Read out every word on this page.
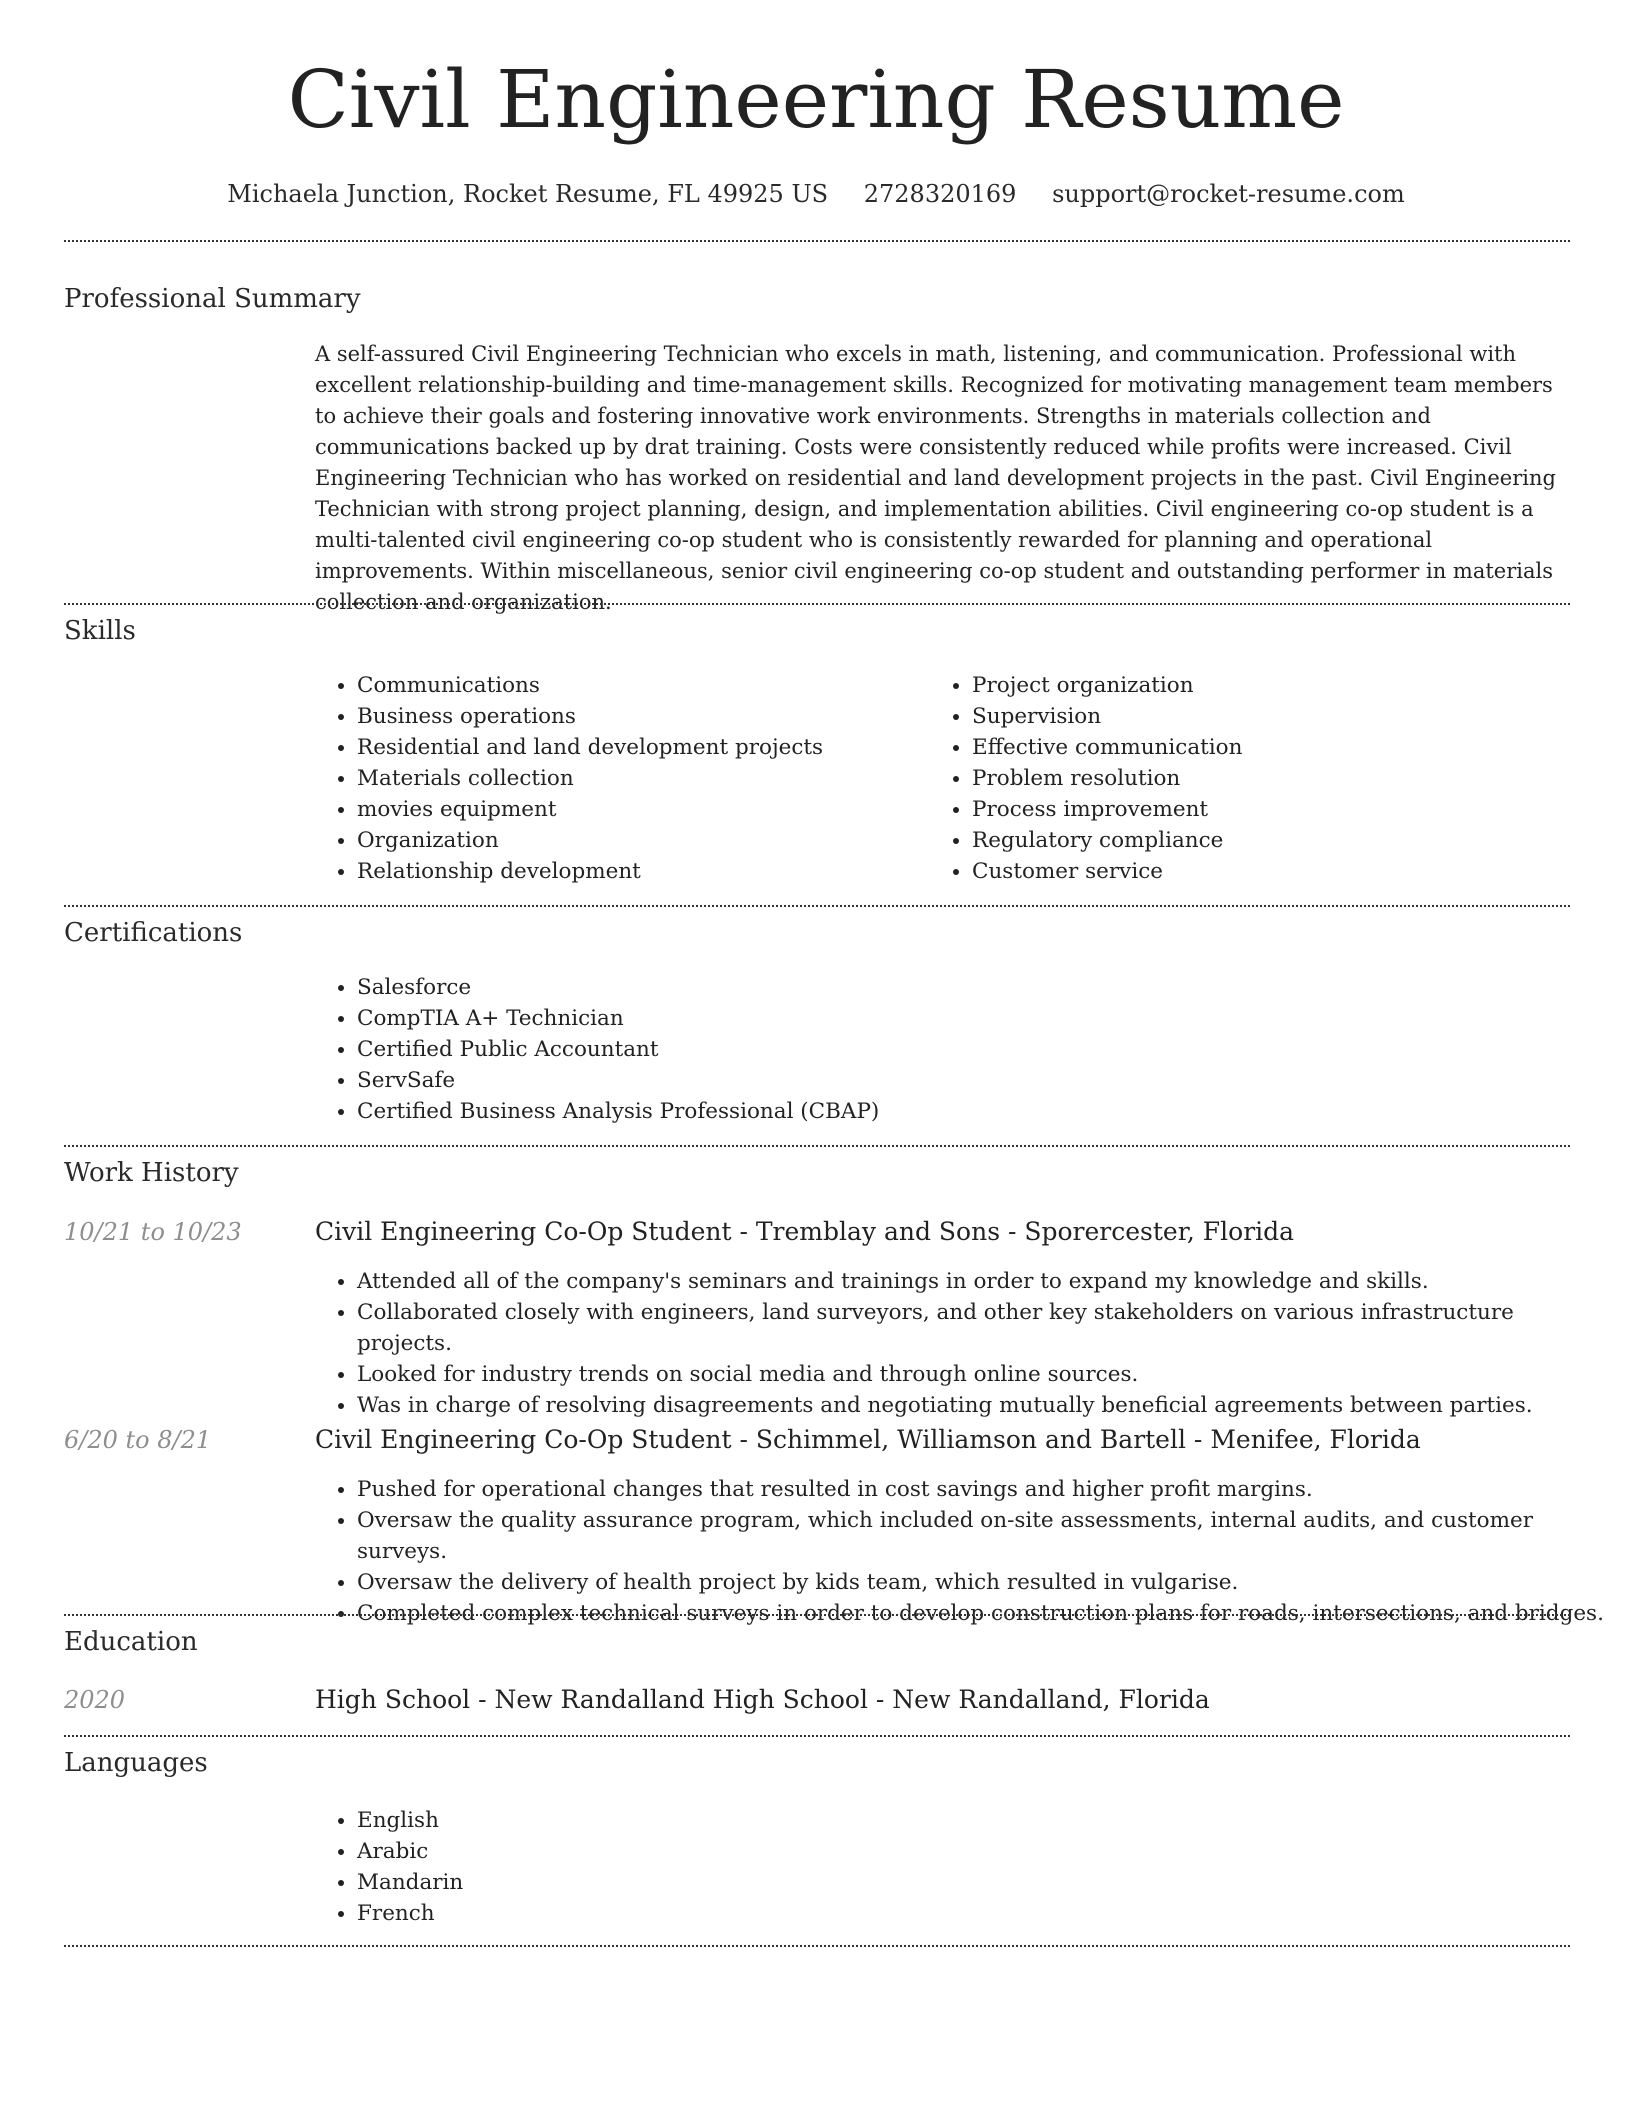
Civil Engineering Resume
Michaela Junction, Rocket Resume, FL 49925 US 2728320169 support@rocket-resume.com
Professional Summary
A self-assured Civil Engineering Technician who excels in math, listening, and communication. Professional with excellent relationship-building and time-management skills. Recognized for motivating management team members to achieve their goals and fostering innovative work environments. Strengths in materials collection and communications backed up by drat training. Costs were consistently reduced while profits were increased. Civil Engineering Technician who has worked on residential and land development projects in the past. Civil Engineering Technician with strong project planning, design, and implementation abilities. Civil engineering co-op student is a multi-talented civil engineering co-op student who is consistently rewarded for planning and operational improvements. Within miscellaneous, senior civil engineering co-op student and outstanding performer in materials collection and organization.
Skills
• Communications
• Business operations
• Residential and land development projects
• Materials collection
• movies equipment
• Organization
• Relationship development
• Project organization
• Supervision
• Effective communication
• Problem resolution
• Process improvement
• Regulatory compliance
• Customer service
Certifications
• Salesforce
• CompTIA A+ Technician
• Certified Public Accountant
• ServSafe
• Certified Business Analysis Professional (CBAP)
Work History
10/21 to 10/23	Civil Engineering Co-Op Student - Tremblay and Sons - Sporercester, Florida
• Attended all of the company's seminars and trainings in order to expand my knowledge and skills.
• Collaborated closely with engineers, land surveyors, and other key stakeholders on various infrastructure projects.
• Looked for industry trends on social media and through online sources.
• Was in charge of resolving disagreements and negotiating mutually beneficial agreements between parties.
6/20 to 8/21	Civil Engineering Co-Op Student - Schimmel, Williamson and Bartell - Menifee, Florida
• Pushed for operational changes that resulted in cost savings and higher profit margins.
• Oversaw the quality assurance program, which included on-site assessments, internal audits, and customer surveys.
• Oversaw the delivery of health project by kids team, which resulted in vulgarise.
• Completed complex technical surveys in order to develop construction plans for roads, intersections, and bridges.
Education
2020	High School - New Randalland High School - New Randalland, Florida
Languages
• English
• Arabic
• Mandarin
• French
